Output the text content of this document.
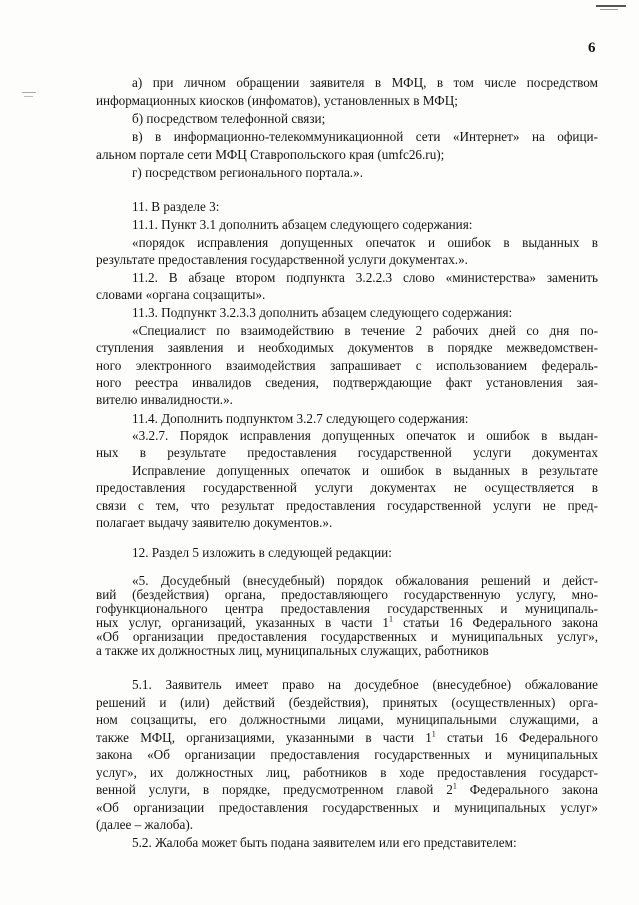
6
а) при личном обращении заявителя в МФЦ, в том числе посредством
информационных киосков (инфоматов), установленных в МФЦ;
б) посредством телефонной связи;
в) в информационно-телекоммуникационной сети «Интернет» на офици-
альном портале сети МФЦ Ставропольского края (umfc26.ru);
г) посредством регионального портала.».
11. В разделе 3:
11.1. Пункт 3.1 дополнить абзацем следующего содержания:
«порядок исправления допущенных опечаток и ошибок в выданных в
результате предоставления государственной услуги документах.».
11.2. В абзаце втором подпункта 3.2.2.3 слово «министерства» заменить
словами «органа соцзащиты».
11.3. Подпункт 3.2.3.3 дополнить абзацем следующего содержания:
«Специалист по взаимодействию в течение 2 рабочих дней со дня по-
ступления заявления и необходимых документов в порядке межведомствен-
ного электронного взаимодействия запрашивает с использованием федераль-
ного реестра инвалидов сведения, подтверждающие факт установления зая-
вителю инвалидности.».
11.4. Дополнить подпунктом 3.2.7 следующего содержания:
«3.2.7. Порядок исправления допущенных опечаток и ошибок в выдан-
ных в результате предоставления государственной услуги документах
Исправление допущенных опечаток и ошибок в выданных в результате
предоставления государственной услуги документах не осуществляется в
связи с тем, что результат предоставления государственной услуги не пред-
полагает выдачу заявителю документов.».
12. Раздел 5 изложить в следующей редакции:
«5. Досудебный (внесудебный) порядок обжалования решений и дейст-
вий (бездействия) органа, предоставляющего государственную услугу, мно-
гофункционального центра предоставления государственных и муниципаль-
ных услуг, организаций, указанных в части $1^1$ статьи 16 Федерального закона
«Об организации предоставления государственных и муниципальных услуг»,
а также их должностных лиц, муниципальных служащих, работников
5.1. Заявитель имеет право на досудебное (внесудебное) обжалование
решений и (или) действий (бездействия), принятых (осуществленных) орга-
ном соцзащиты, его должностными лицами, муниципальными служащими, а
также МФЦ, организациями, указанными в части $1^1$ статьи 16 Федерального
закона «Об организации предоставления государственных и муниципальных
услуг», их должностных лиц, работников в ходе предоставления государст-
венной услуги, в порядке, предусмотренном главой $2^1$ Федерального закона
«Об организации предоставления государственных и муниципальных услуг»
(далее – жалоба).
5.2. Жалоба может быть подана заявителем или его представителем:
